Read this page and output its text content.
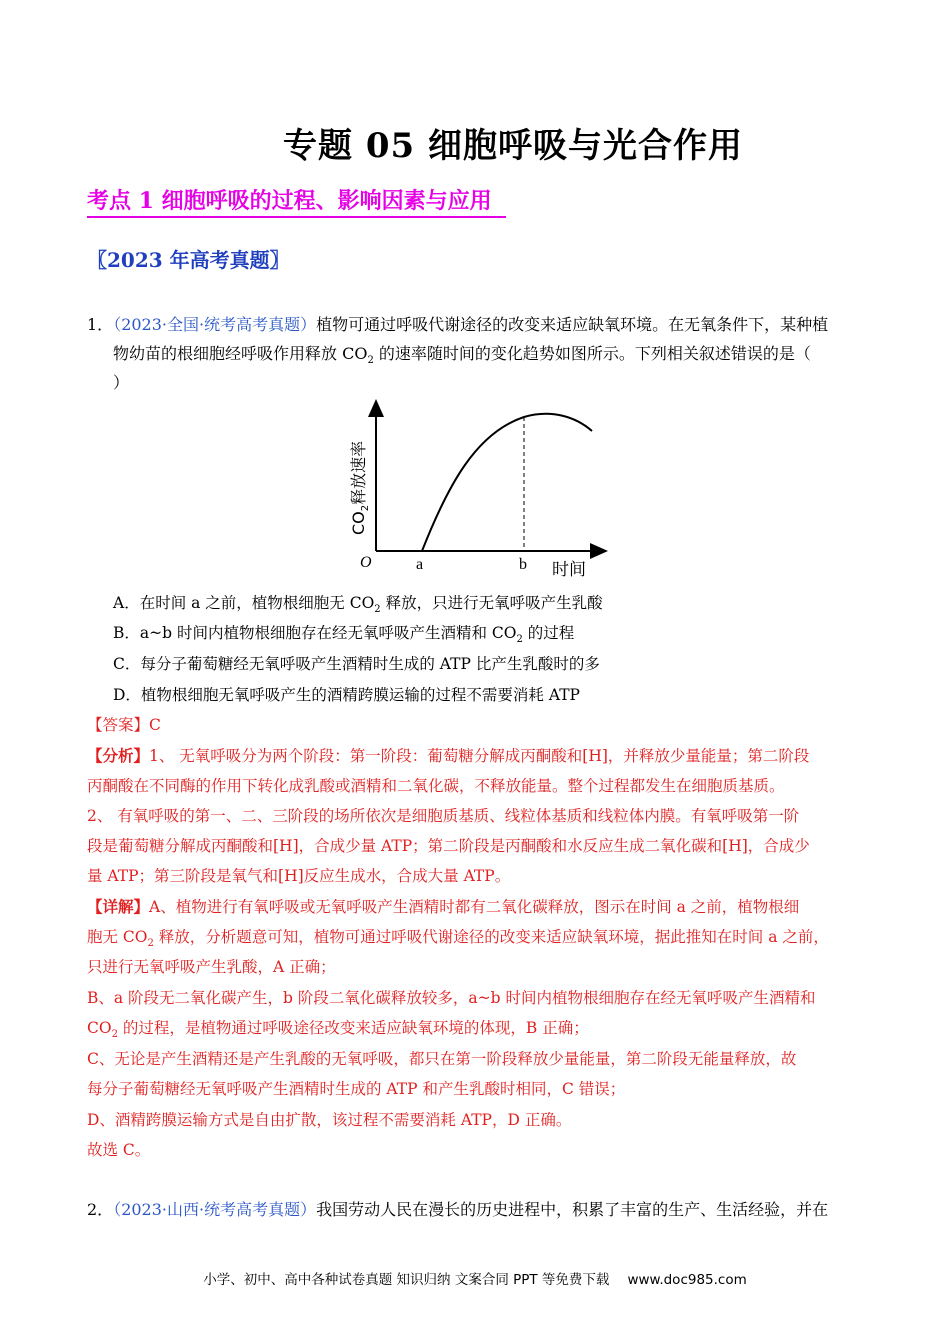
专题 05 细胞呼吸与光合作用
考点 1 细胞呼吸的过程、影响因素与应用
〖2023 年高考真题〗
1．（2023·全国·统考高考真题）植物可通过呼吸代谢途径的改变来适应缺氧环境。在无氧条件下，某种植
物幼苗的根细胞经呼吸作用释放 $CO_2$ 的速率随时间的变化趋势如图所示。下列相关叙述错误的是（
）
O	a	b 时间
$CO_2$释放速率
A．在时间 a 之前，植物根细胞无 $CO_2$ 释放，只进行无氧呼吸产生乳酸
B．a~b 时间内植物根细胞存在经无氧呼吸产生酒精和 $CO_2$ 的过程
C．每分子葡萄糖经无氧呼吸产生酒精时生成的 ATP 比产生乳酸时的多
D．植物根细胞无氧呼吸产生的酒精跨膜运输的过程不需要消耗 ATP
【答案】C
【分析】1、 无氧呼吸分为两个阶段：第一阶段：葡萄糖分解成丙酮酸和[H]，并释放少量能量；第二阶段
丙酮酸在不同酶的作用下转化成乳酸或酒精和二氧化碳，不释放能量。整个过程都发生在细胞质基质。
2、 有氧呼吸的第一、二、三阶段的场所依次是细胞质基质、线粒体基质和线粒体内膜。有氧呼吸第一阶
段是葡萄糖分解成丙酮酸和[H]，合成少量 ATP；第二阶段是丙酮酸和水反应生成二氧化碳和[H]，合成少
量 ATP；第三阶段是氧气和[H]反应生成水，合成大量 ATP。
【详解】A、植物进行有氧呼吸或无氧呼吸产生酒精时都有二氧化碳释放，图示在时间 a 之前，植物根细
胞无 $CO_2$ 释放，分析题意可知，植物可通过呼吸代谢途径的改变来适应缺氧环境，据此推知在时间 a 之前，
只进行无氧呼吸产生乳酸，A 正确；
B、a 阶段无二氧化碳产生，b 阶段二氧化碳释放较多，a~b 时间内植物根细胞存在经无氧呼吸产生酒精和
$CO_2$ 的过程，是植物通过呼吸途径改变来适应缺氧环境的体现，B 正确；
C、无论是产生酒精还是产生乳酸的无氧呼吸，都只在第一阶段释放少量能量，第二阶段无能量释放，故
每分子葡萄糖经无氧呼吸产生酒精时生成的 ATP 和产生乳酸时相同，C 错误；
D、酒精跨膜运输方式是自由扩散，该过程不需要消耗 ATP，D 正确。
故选 C。
2．（2023·山西·统考高考真题）我国劳动人民在漫长的历史进程中，积累了丰富的生产、生活经验，并在
小学、初中、高中各种试卷真题 知识归纳 文案合同 PPT 等免费下载 www.doc985.com
